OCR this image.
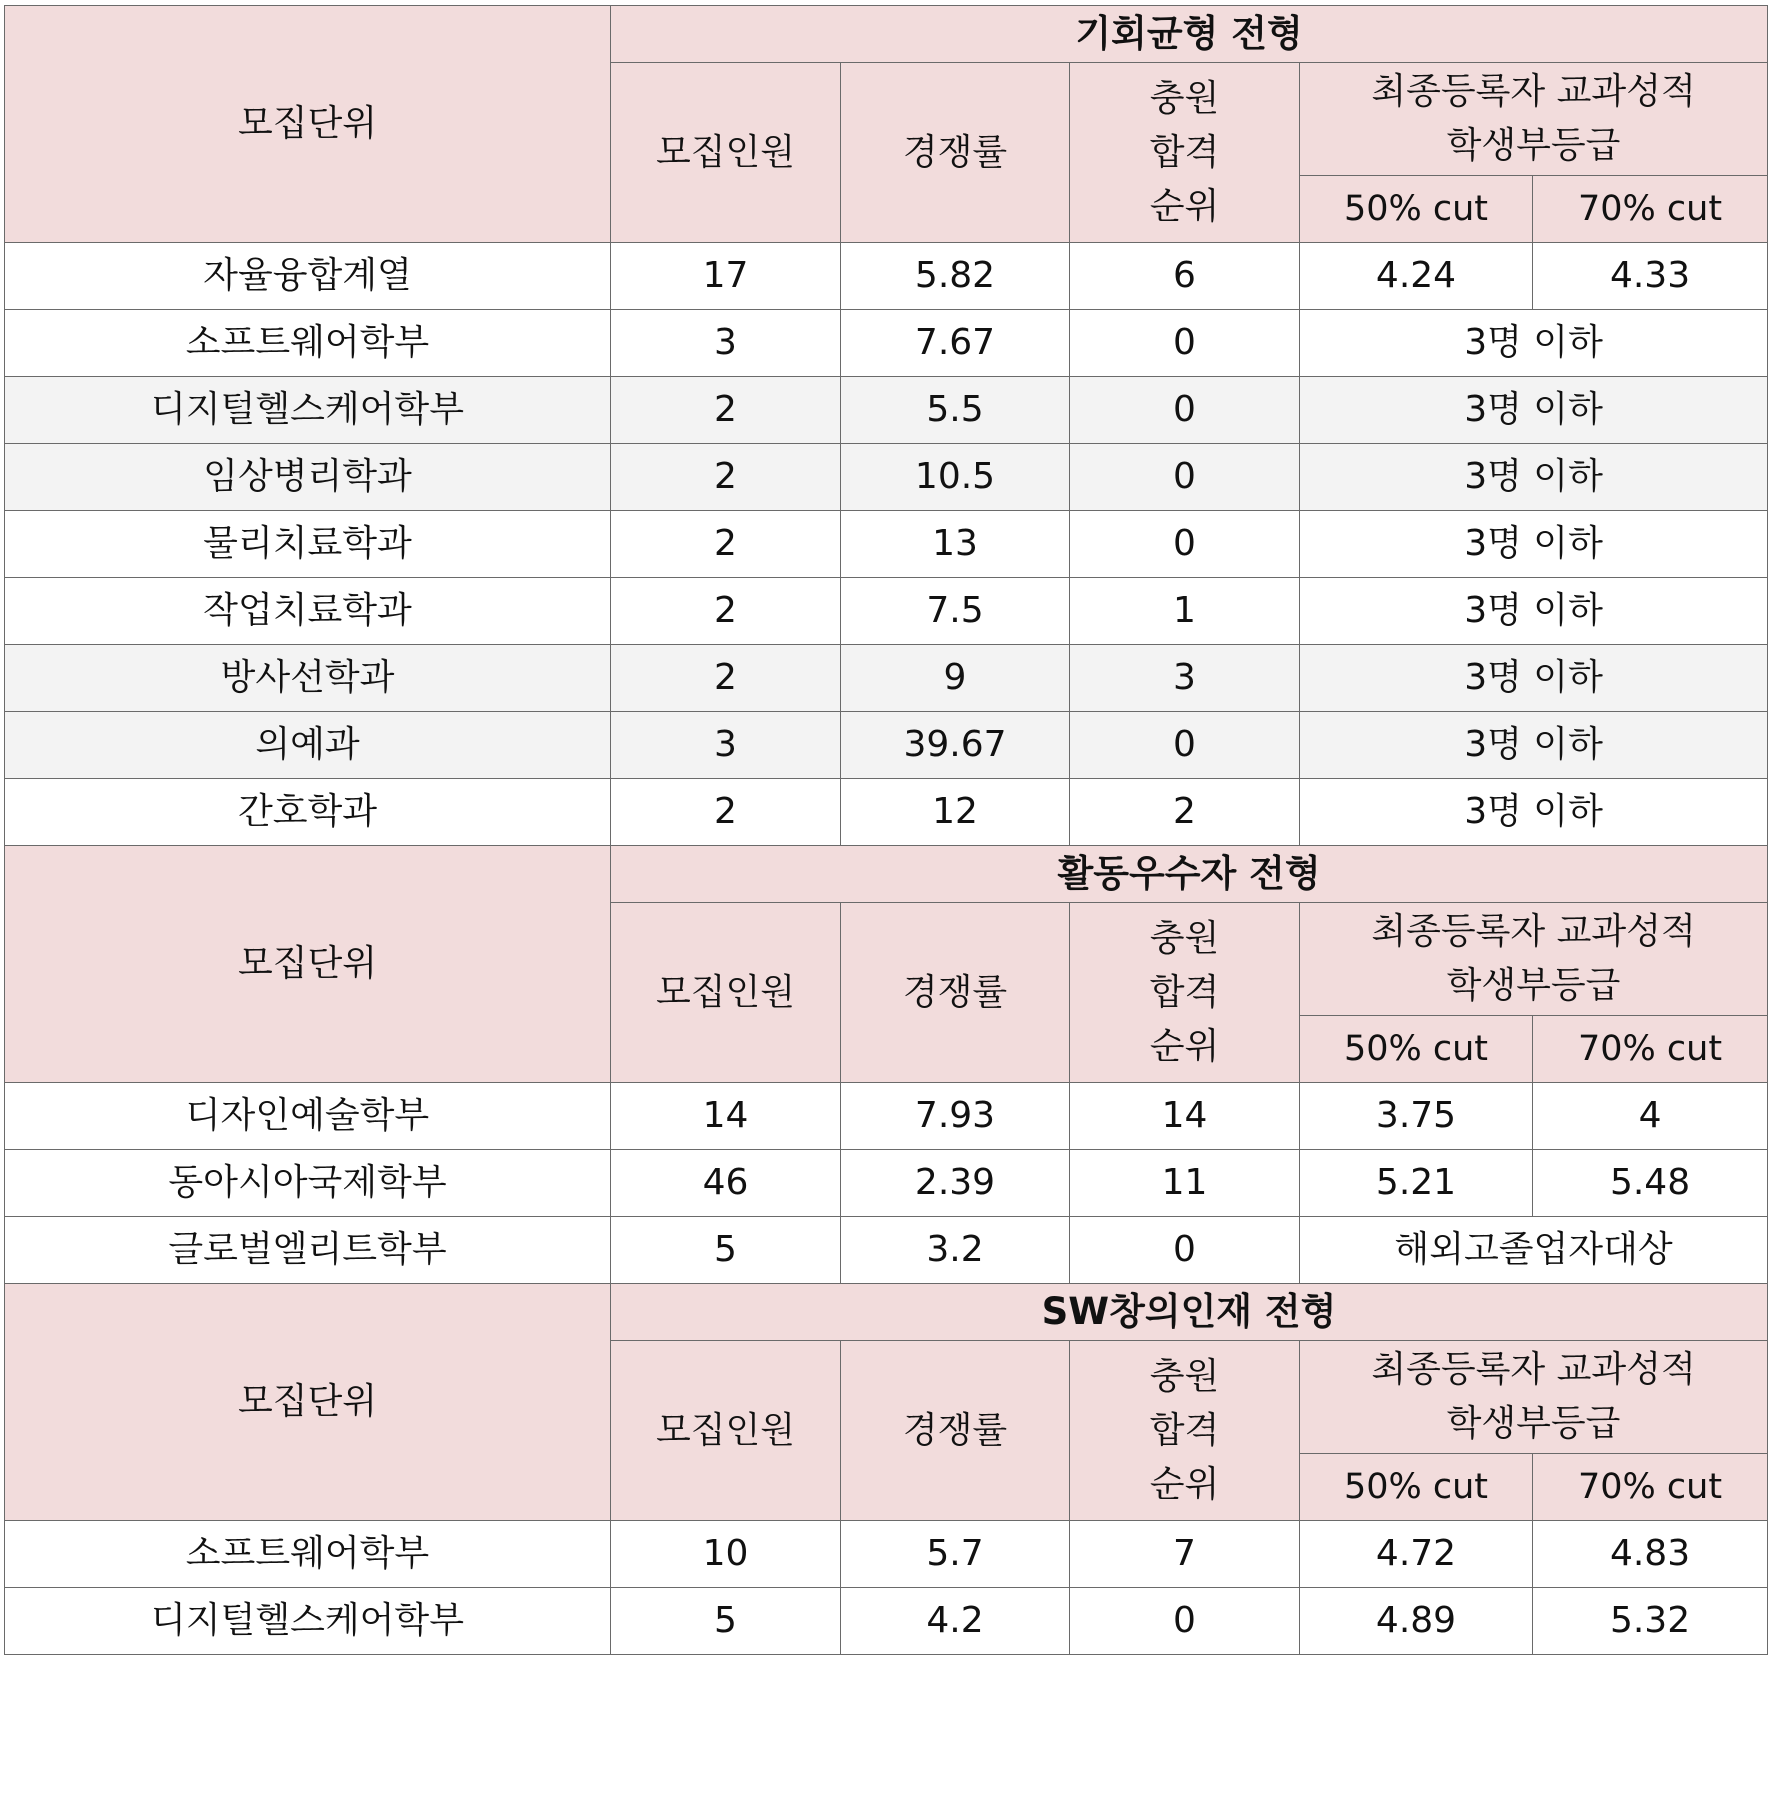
모집단위	기회균형 전형				
	모집인원	경쟁률	충원
합격
순위	최종등록자 교과성적
학생부등급	
				50% cut	70% cut
자율융합계열	17	5.82	6	4.24	4.33
소프트웨어학부	3	7.67	0	3명 이하	
디지털헬스케어학부	2	5.5	0	3명 이하	
임상병리학과	2	10.5	0	3명 이하	
물리치료학과	2	13	0	3명 이하	
작업치료학과	2	7.5	1	3명 이하	
방사선학과	2	9	3	3명 이하	
의예과	3	39.67	0	3명 이하	
간호학과	2	12	2	3명 이하	
모집단위	활동우수자 전형				
	모집인원	경쟁률	충원
합격
순위	최종등록자 교과성적
학생부등급	
				50% cut	70% cut
디자인예술학부	14	7.93	14	3.75	4
동아시아국제학부	46	2.39	11	5.21	5.48
글로벌엘리트학부	5	3.2	0	해외고졸업자대상	
모집단위	SW창의인재 전형				
	모집인원	경쟁률	충원
합격
순위	최종등록자 교과성적
학생부등급	
				50% cut	70% cut
소프트웨어학부	10	5.7	7	4.72	4.83
디지털헬스케어학부	5	4.2	0	4.89	5.32
